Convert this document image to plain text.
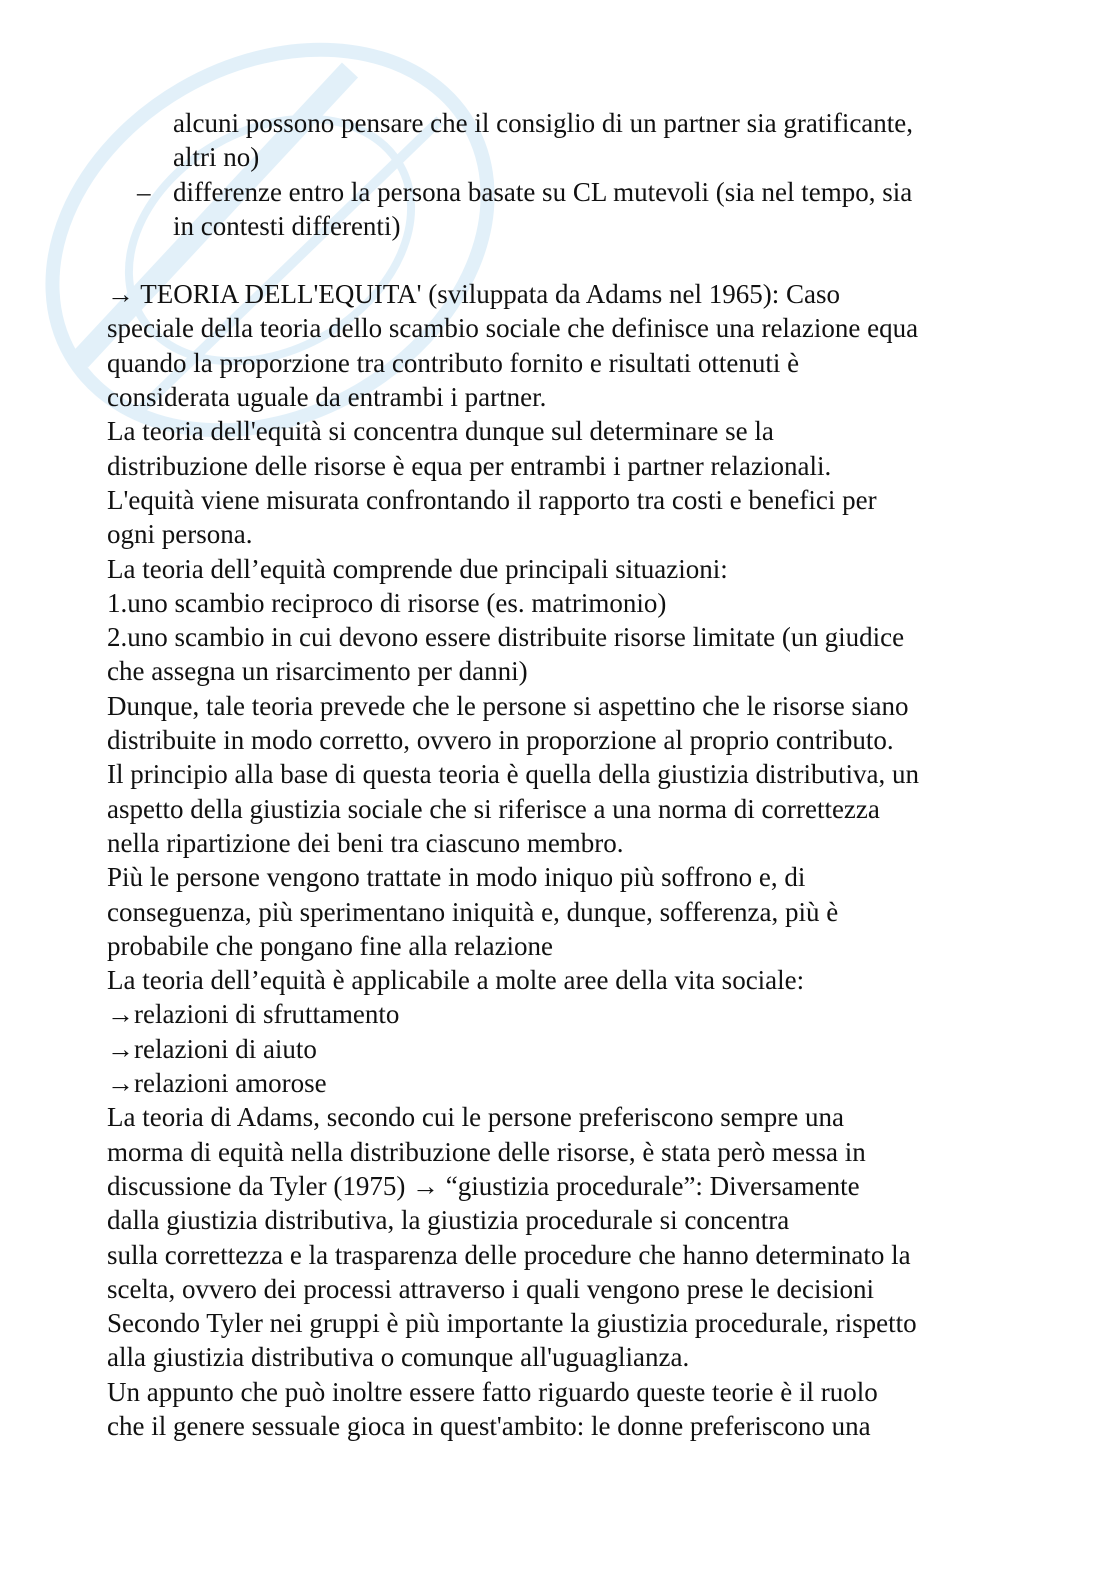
alcuni possono pensare che il consiglio di un partner sia gratificante,
altri no)
– differenze entro la persona basate su CL mutevoli (sia nel tempo, sia
in contesti differenti)

→ TEORIA DELL'EQUITA' (sviluppata da Adams nel 1965): Caso
speciale della teoria dello scambio sociale che definisce una relazione equa
quando la proporzione tra contributo fornito e risultati ottenuti è
considerata uguale da entrambi i partner.

La teoria dell'equità si concentra dunque sul determinare se la
distribuzione delle risorse è equa per entrambi i partner relazionali.

L'equità viene misurata confrontando il rapporto tra costi e benefici per
ogni persona.

La teoria dell’equità comprende due principali situazioni:

1.uno scambio reciproco di risorse (es. matrimonio)

2.uno scambio in cui devono essere distribuite risorse limitate (un giudice
che assegna un risarcimento per danni)

Dunque, tale teoria prevede che le persone si aspettino che le risorse siano
distribuite in modo corretto, ovvero in proporzione al proprio contributo.

Il principio alla base di questa teoria è quella della giustizia distributiva, un
aspetto della giustizia sociale che si riferisce a una norma di correttezza
nella ripartizione dei beni tra ciascuno membro.

Più le persone vengono trattate in modo iniquo più soffrono e, di
conseguenza, più sperimentano iniquità e, dunque, sofferenza, più è
probabile che pongano fine alla relazione

La teoria dell’equità è applicabile a molte aree della vita sociale:

→relazioni di sfruttamento

→relazioni di aiuto

→relazioni amorose

La teoria di Adams, secondo cui le persone preferiscono sempre una
morma di equità nella distribuzione delle risorse, è stata però messa in
discussione da Tyler (1975) → “giustizia procedurale”: Diversamente
dalla giustizia distributiva, la giustizia procedurale si concentra
sulla correttezza e la trasparenza delle procedure che hanno determinato la
scelta, ovvero dei processi attraverso i quali vengono prese le decisioni

Secondo Tyler nei gruppi è più importante la giustizia procedurale, rispetto
alla giustizia distributiva o comunque all'uguaglianza.

Un appunto che può inoltre essere fatto riguardo queste teorie è il ruolo
che il genere sessuale gioca in quest'ambito: le donne preferiscono una
